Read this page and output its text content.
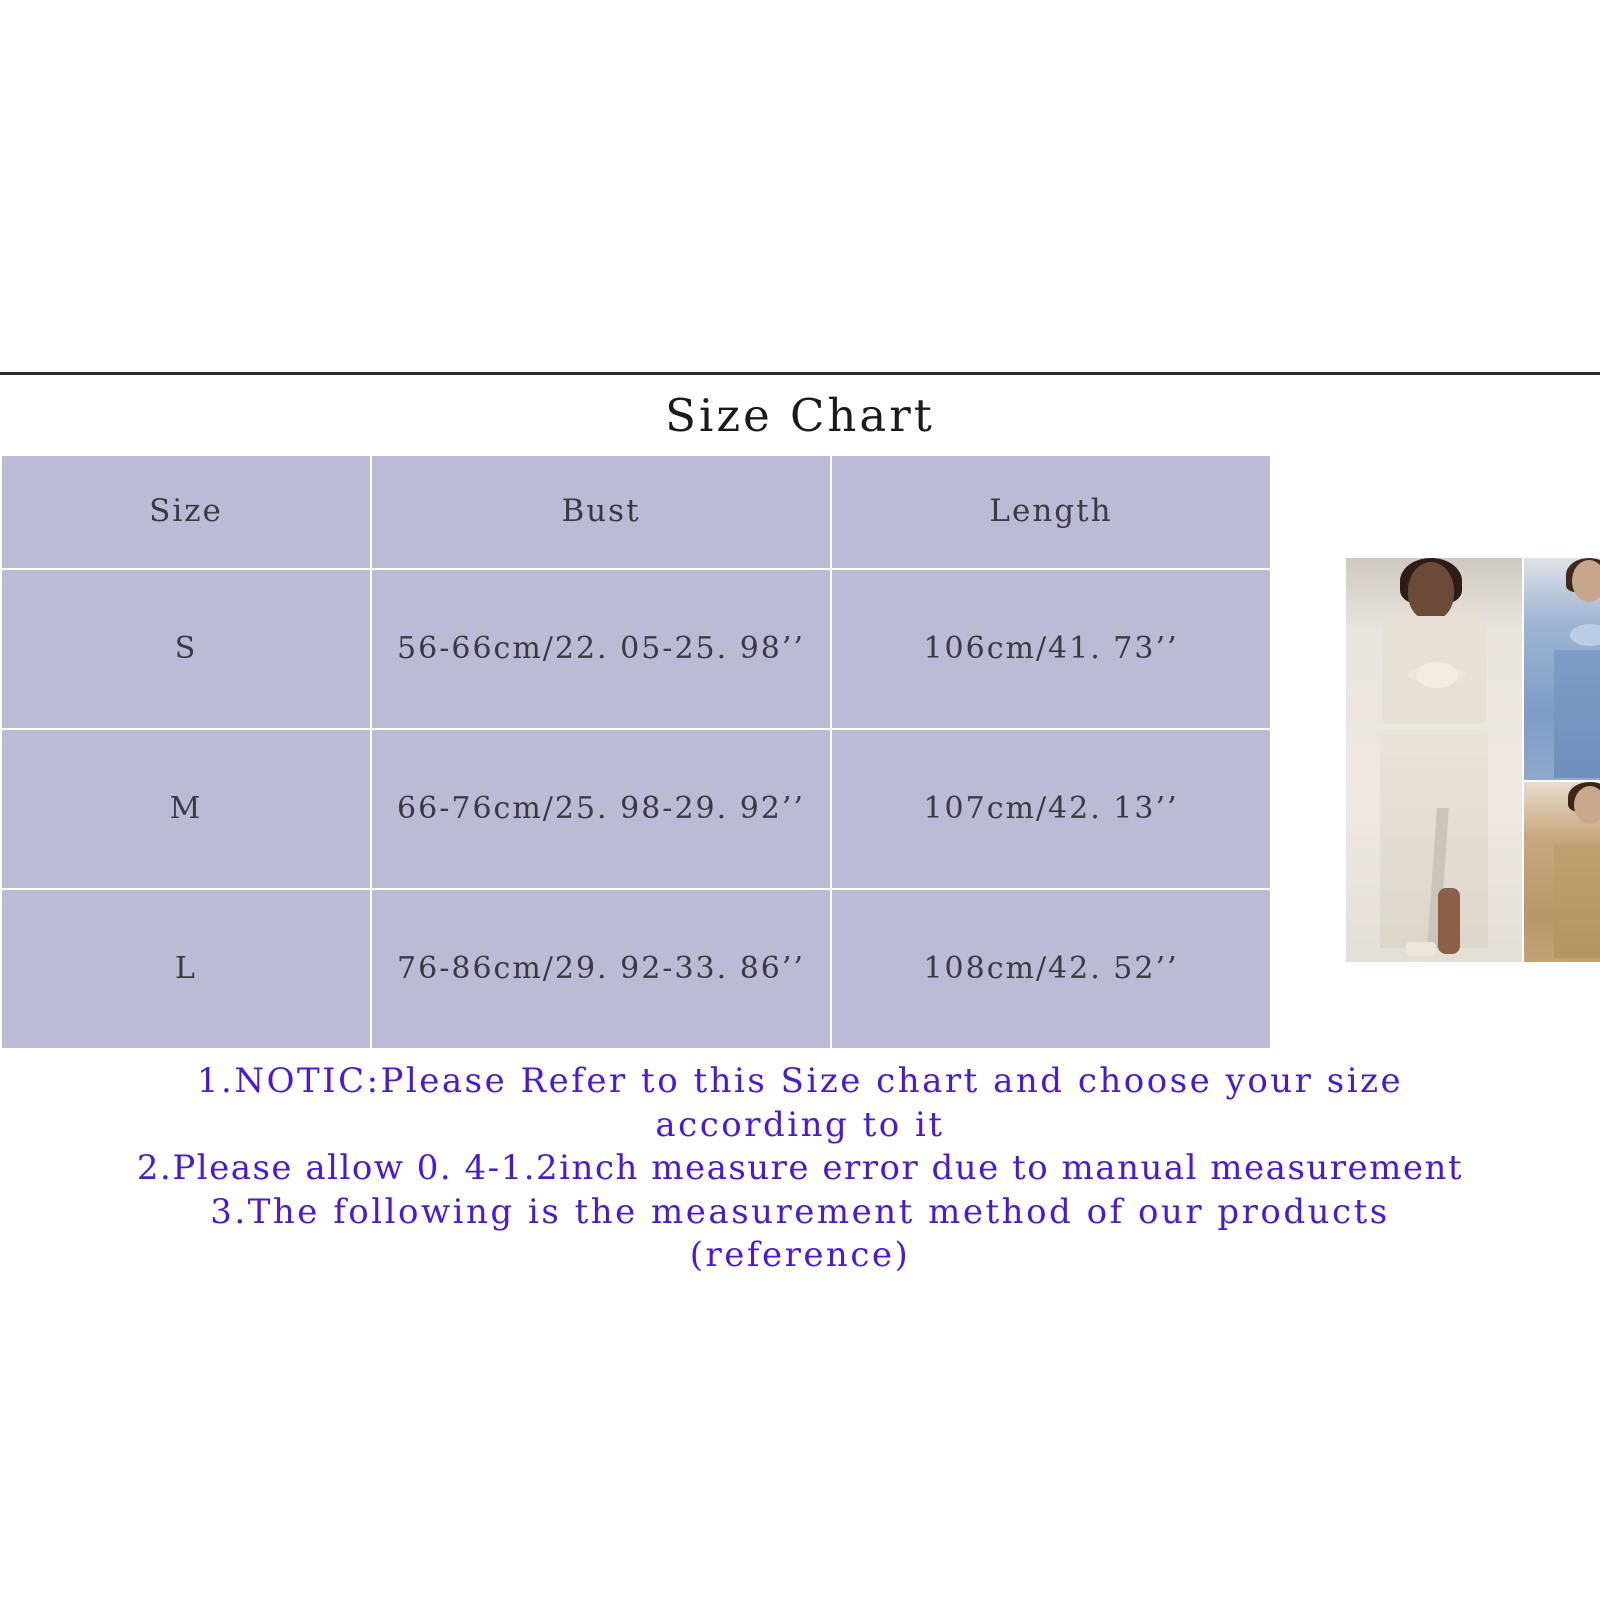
Size Chart
Size	Bust	Length	

S	56-66cm/22. 05-25. 98’’	106cm/41. 73’’	
M	66-76cm/25. 98-29. 92’’	107cm/42. 13’’	
L	76-86cm/29. 92-33. 86’’	108cm/42. 52’’	
1.NOTIC:Please Refer to this Size chart and choose your size
according to it
2.Please allow 0. 4-1.2inch measure error due to manual measurement
3.The following is the measurement method of our products
(reference)
